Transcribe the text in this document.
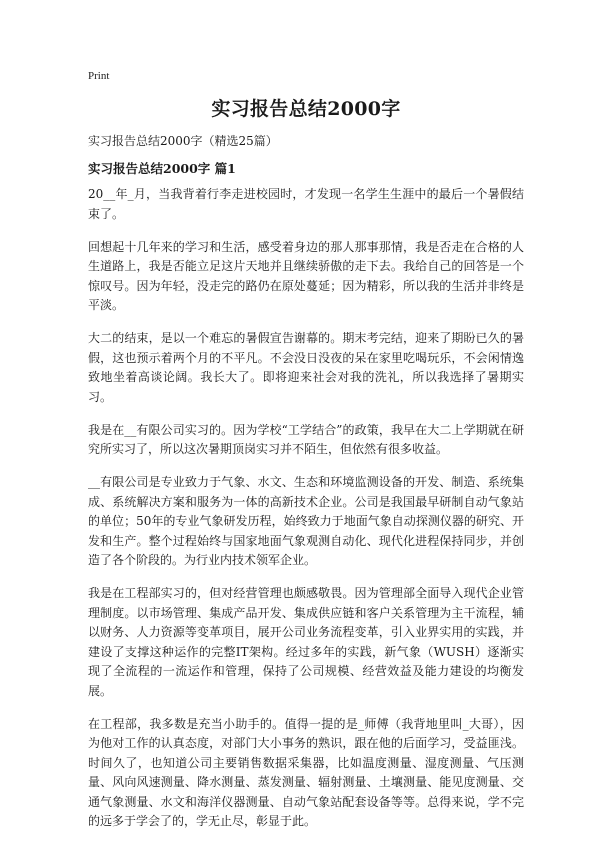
Print
实习报告总结2000字
实习报告总结2000字（精选25篇）
实习报告总结2000字 篇1

20__年_月，当我背着行李走进校园时，才发现一名学生生涯中的最后一个暑假结束了。

回想起十几年来的学习和生活，感受着身边的那人那事那情，我是否走在合格的人生道路上，我是否能立足这片天地并且继续骄傲的走下去。我给自己的回答是一个惊叹号。因为年轻，没走完的路仍在原处蔓延；因为精彩，所以我的生活并非终是平淡。

大二的结束，是以一个难忘的暑假宣告谢幕的。期末考完结，迎来了期盼已久的暑假，这也预示着两个月的不平凡。不会没日没夜的呆在家里吃喝玩乐，不会闲情逸致地坐着高谈论阔。我长大了。即将迎来社会对我的洗礼，所以我选择了暑期实习。

我是在__有限公司实习的。因为学校“工学结合”的政策，我早在大二上学期就在研究所实习了，所以这次暑期顶岗实习并不陌生，但依然有很多收益。

__有限公司是专业致力于气象、水文、生态和环境监测设备的开发、制造、系统集成、系统解决方案和服务为一体的高新技术企业。公司是我国最早研制自动气象站的单位；50年的专业气象研发历程，始终致力于地面气象自动探测仪器的研究、开发和生产。整个过程始终与国家地面气象观测自动化、现代化进程保持同步，并创造了各个阶段的。为行业内技术领军企业。

我是在工程部实习的，但对经营管理也颇感敬畏。因为管理部全面导入现代企业管理制度。以市场管理、集成产品开发、集成供应链和客户关系管理为主干流程，辅以财务、人力资源等变革项目，展开公司业务流程变革，引入业界实用的实践，并建设了支撑这种运作的完整IT架构。经过多年的实践，新气象（WUSH）逐渐实现了全流程的一流运作和管理，保持了公司规模、经营效益及能力建设的均衡发展。

在工程部，我多数是充当小助手的。值得一提的是_师傅（我背地里叫_大哥），因为他对工作的认真态度，对部门大小事务的熟识，跟在他的后面学习，受益匪浅。时间久了，也知道公司主要销售数据采集器，比如温度测量、湿度测量、气压测量、风向风速测量、降水测量、蒸发测量、辐射测量、土壤测量、能见度测量、交通气象测量、水文和海洋仪器测量、自动气象站配套设备等等。总得来说，学不完的远多于学会了的，学无止尽，彰显于此。
